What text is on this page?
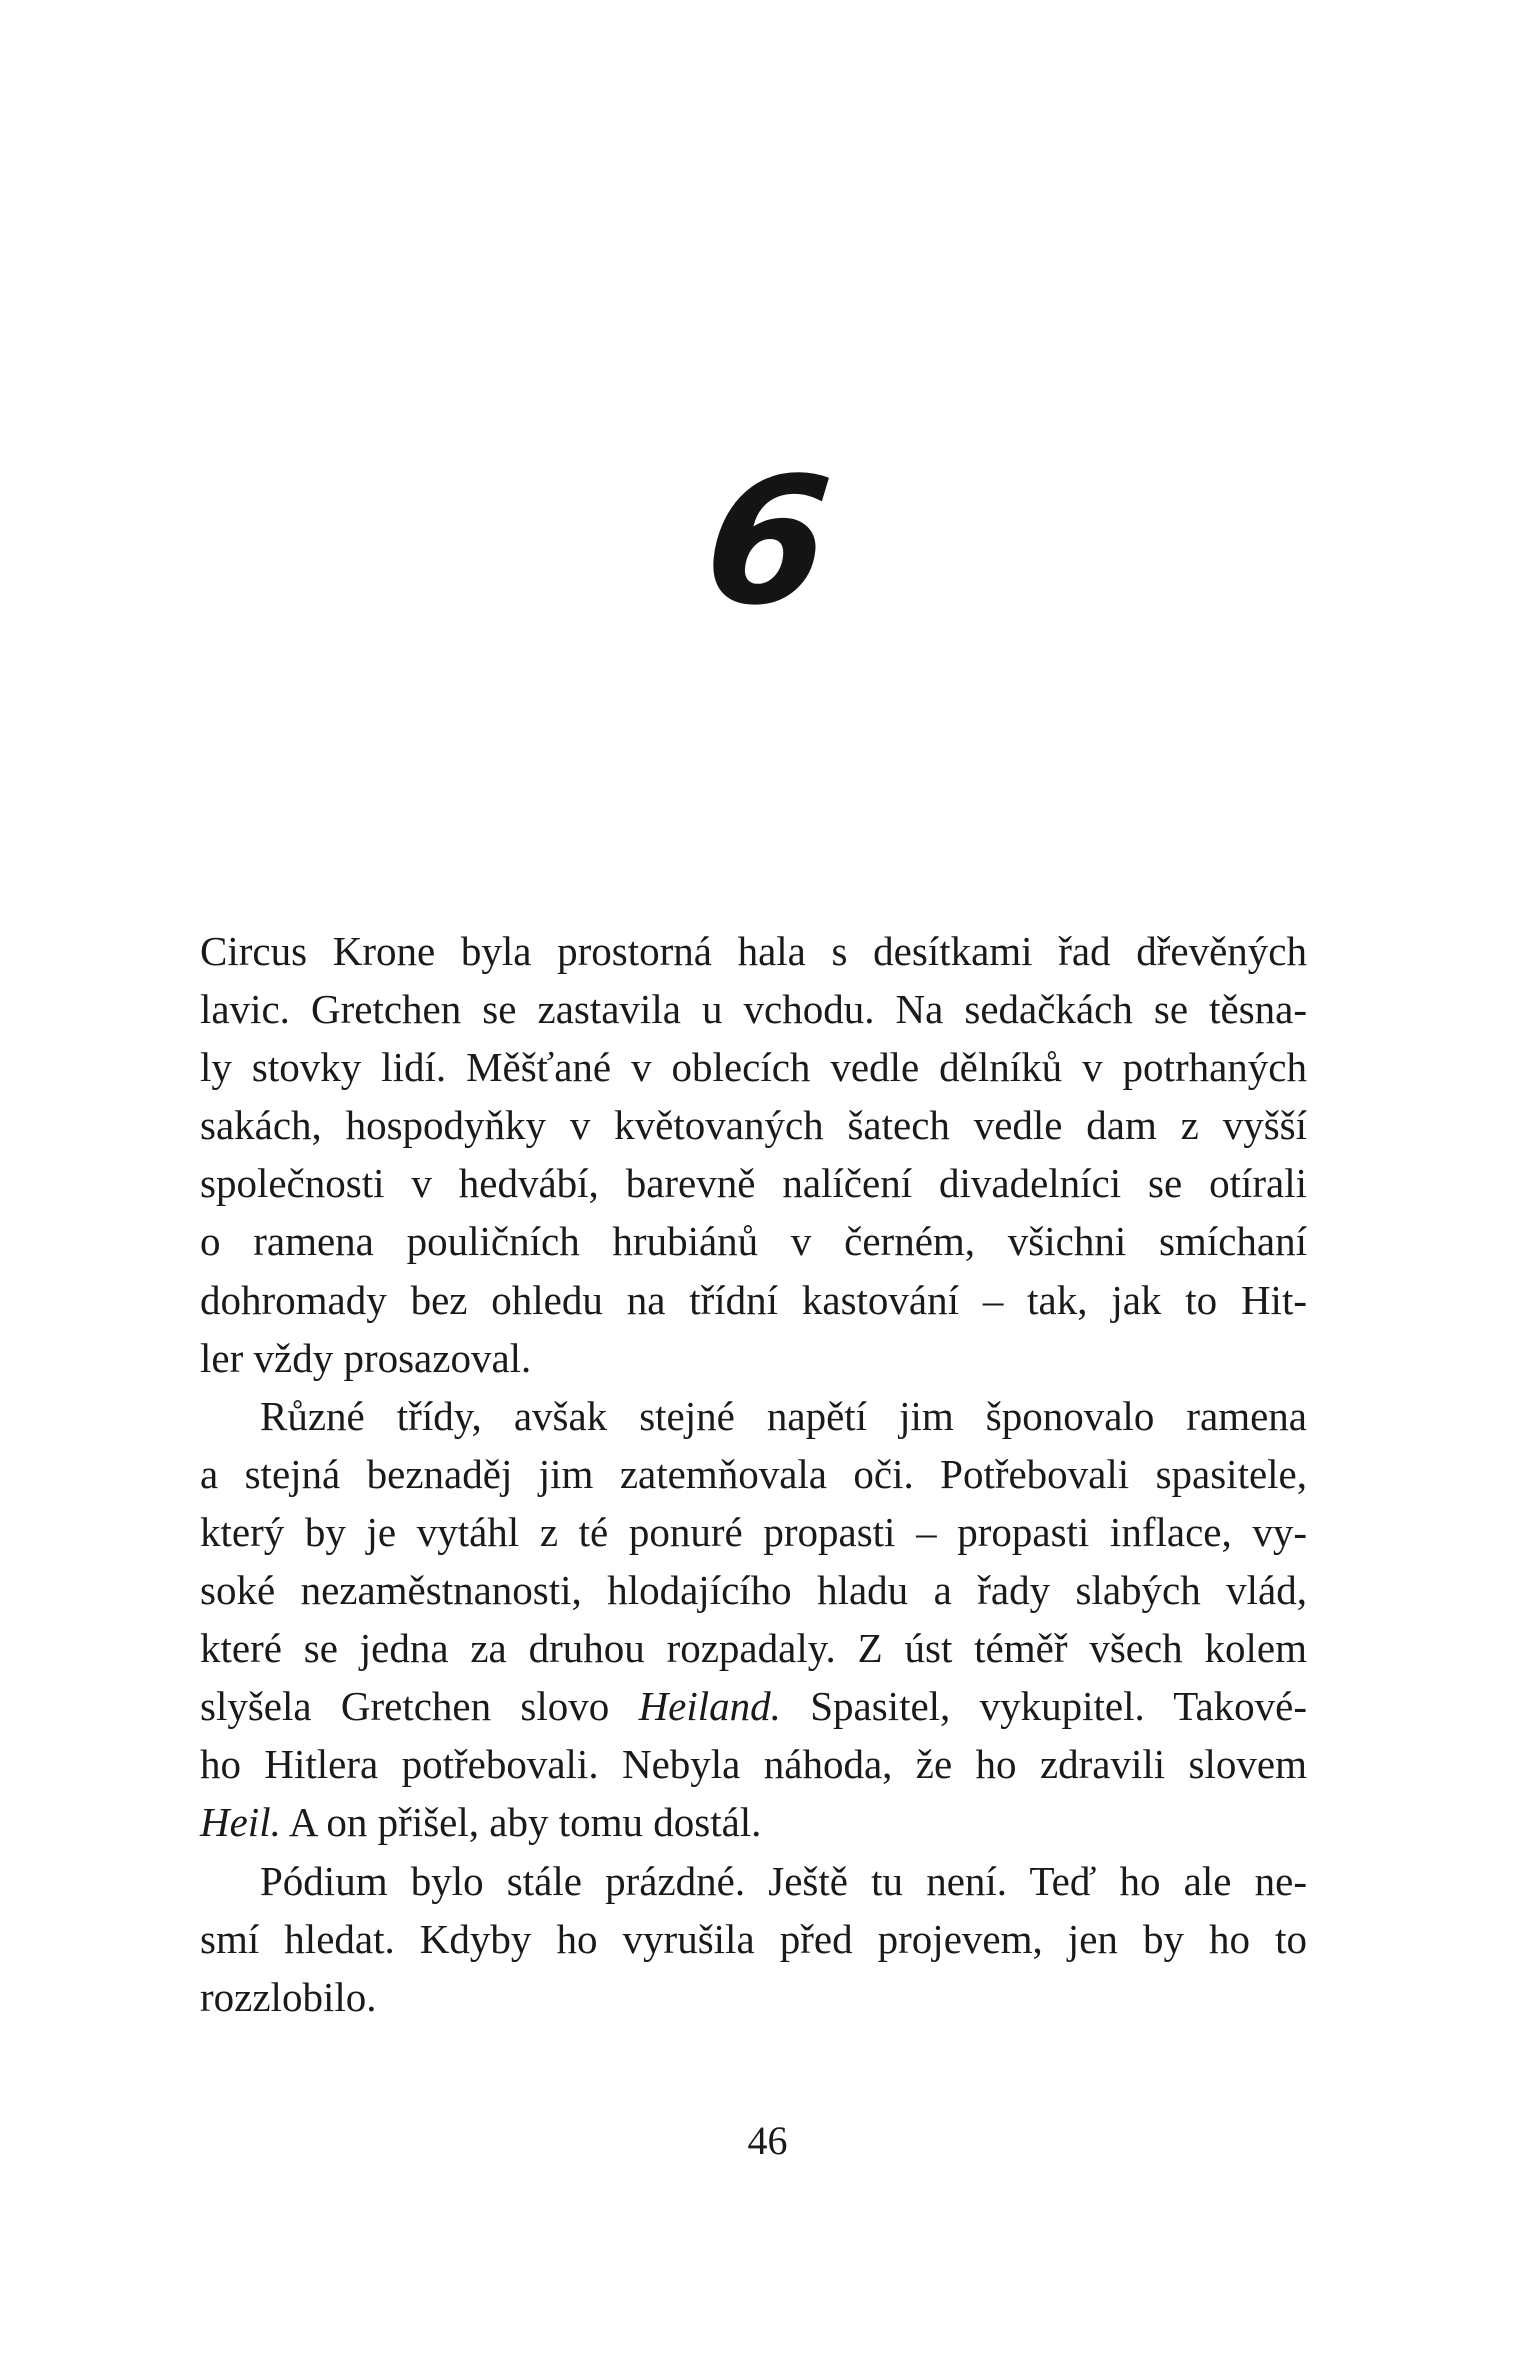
6

Circus Krone byla prostorná hala s desítkami řad dřevěných
lavic. Gretchen se zastavila u vchodu. Na sedačkách se těsna-
ly stovky lidí. Měšťané v oblecích vedle dělníků v potrhaných
sakách, hospodyňky v květovaných šatech vedle dam z vyšší
společnosti v hedvábí, barevně nalíčení divadelníci se otírali
o ramena pouličních hrubiánů v černém, všichni smíchaní
dohromady bez ohledu na třídní kastování – tak, jak to Hit-
ler vždy prosazoval.

Různé třídy, avšak stejné napětí jim šponovalo ramena
a stejná beznaděj jim zatemňovala oči. Potřebovali spasitele,
který by je vytáhl z té ponuré propasti – propasti inflace, vy-
soké nezaměstnanosti, hlodajícího hladu a řady slabých vlád,
které se jedna za druhou rozpadaly. Z úst téměř všech kolem
slyšela Gretchen slovo Heiland. Spasitel, vykupitel. Takové-
ho Hitlera potřebovali. Nebyla náhoda, že ho zdravili slovem
Heil. A on přišel, aby tomu dostál.

Pódium bylo stále prázdné. Ještě tu není. Teď ho ale ne-
smí hledat. Kdyby ho vyrušila před projevem, jen by ho to
rozzlobilo.

46
